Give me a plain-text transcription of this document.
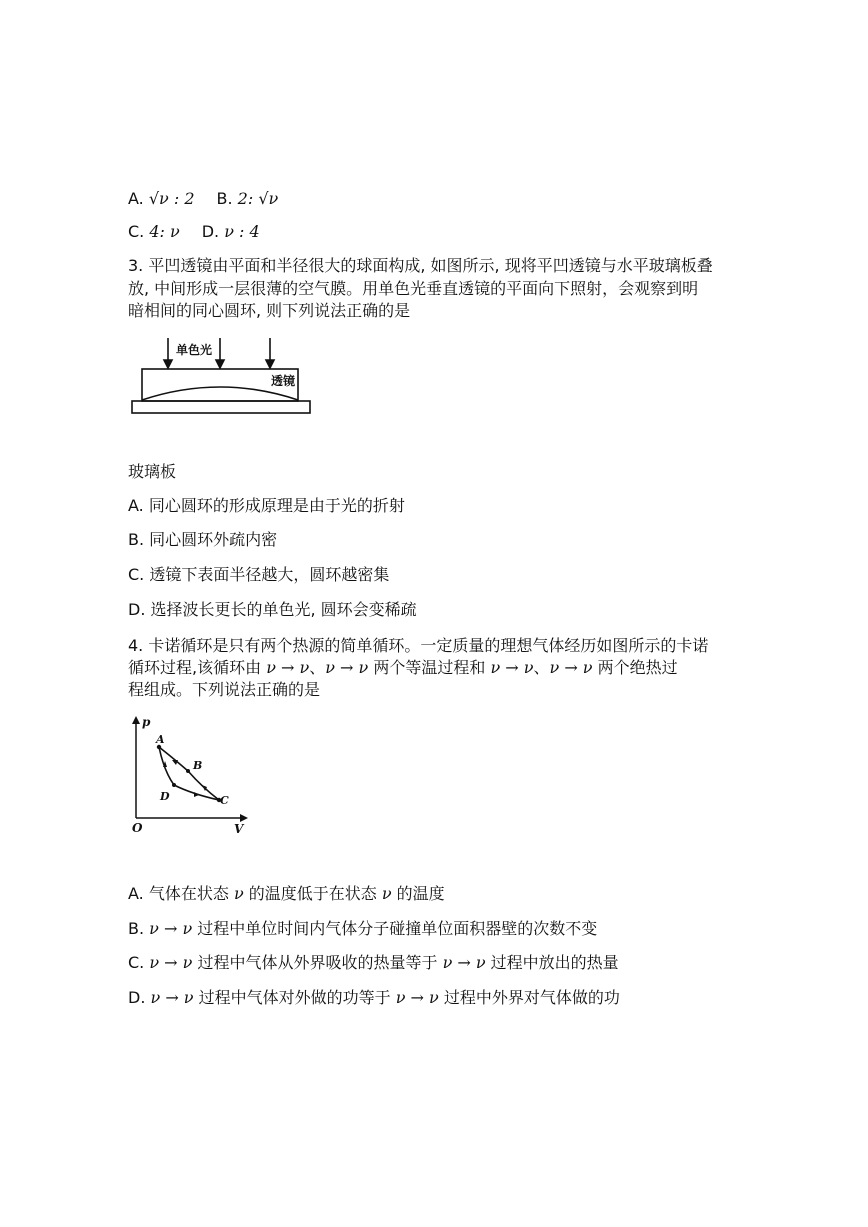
A. √ν : 2 B. 2: √ν
C. 4: ν D. ν : 4
3. 平凹透镜由平面和半径很大的球面构成, 如图所示, 现将平凹透镜与水平玻璃板叠
放, 中间形成一层很薄的空气膜。用单色光垂直透镜的平面向下照射，会观察到明
暗相间的同心圆环, 则下列说法正确的是
单色光
透镜
玻璃板
A. 同心圆环的形成原理是由于光的折射
B. 同心圆环外疏内密
C. 透镜下表面半径越大，圆环越密集
D. 选择波长更长的单色光, 圆环会变稀疏
4. 卡诺循环是只有两个热源的简单循环。一定质量的理想气体经历如图所示的卡诺
循环过程,该循环由 ν → ν、ν → ν 两个等温过程和 ν → ν、ν → ν 两个绝热过
程组成。下列说法正确的是
p
V
O
A
B
C
D
A. 气体在状态 ν 的温度低于在状态 ν 的温度
B. ν → ν 过程中单位时间内气体分子碰撞单位面积器壁的次数不变
C. ν → ν 过程中气体从外界吸收的热量等于 ν → ν 过程中放出的热量
D. ν → ν 过程中气体对外做的功等于 ν → ν 过程中外界对气体做的功
